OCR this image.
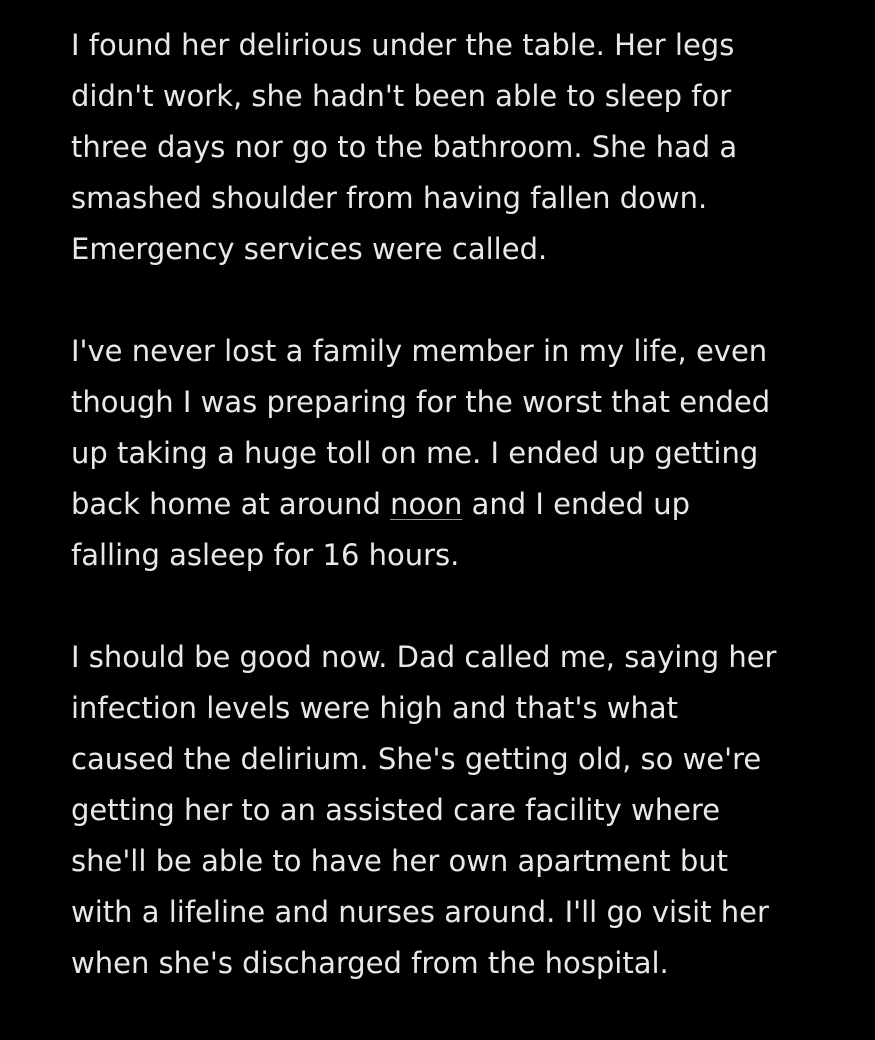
I found her delirious under the table. Her legs
didn't work, she hadn't been able to sleep for
three days nor go to the bathroom. She had a
smashed shoulder from having fallen down.
Emergency services were called.

I've never lost a family member in my life, even
though I was preparing for the worst that ended
up taking a huge toll on me. I ended up getting
back home at around noon and I ended up
falling asleep for 16 hours.

I should be good now. Dad called me, saying her
infection levels were high and that's what
caused the delirium. She's getting old, so we're
getting her to an assisted care facility where
she'll be able to have her own apartment but
with a lifeline and nurses around. I'll go visit her
when she's discharged from the hospital.
